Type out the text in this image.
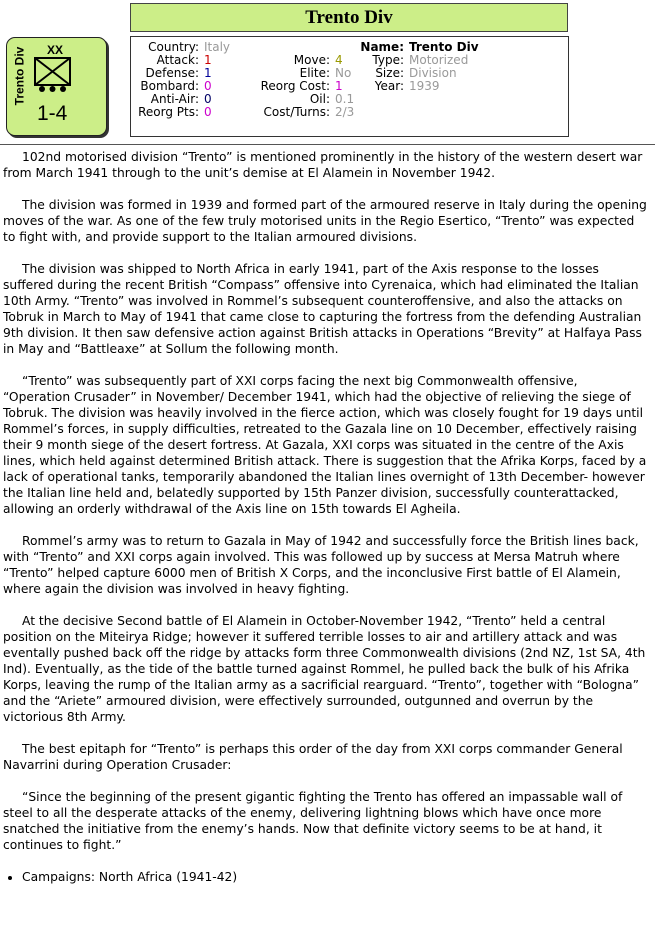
Trento Div
Trento Div XX
1-4
Country: Italy
Attack: 1
Defense: 1
Bombard: 0
Anti-Air: 0
Reorg Pts: 0
Move: 4
Elite: No
Reorg Cost: 1
Oil: 0.1
Cost/Turns: 2/3
Name: Trento Div
Type: Motorized
Size: Division
Year: 1939

102nd motorised division “Trento” is mentioned prominently in the history of the western desert war from March 1941 through to the unit’s demise at El Alamein in November 1942.

The division was formed in 1939 and formed part of the armoured reserve in Italy during the opening moves of the war. As one of the few truly motorised units in the Regio Esertico, “Trento” was expected to fight with, and provide support to the Italian armoured divisions.

The division was shipped to North Africa in early 1941, part of the Axis response to the losses suffered during the recent British “Compass” offensive into Cyrenaica, which had eliminated the Italian 10th Army. “Trento” was involved in Rommel’s subsequent counteroffensive, and also the attacks on Tobruk in March to May of 1941 that came close to capturing the fortress from the defending Australian 9th division. It then saw defensive action against British attacks in Operations “Brevity” at Halfaya Pass in May and “Battleaxe” at Sollum the following month.

“Trento” was subsequently part of XXI corps facing the next big Commonwealth offensive, “Operation Crusader” in November/ December 1941, which had the objective of relieving the siege of Tobruk. The division was heavily involved in the fierce action, which was closely fought for 19 days until Rommel’s forces, in supply difficulties, retreated to the Gazala line on 10 December, effectively raising their 9 month siege of the desert fortress. At Gazala, XXI corps was situated in the centre of the Axis lines, which held against determined British attack. There is suggestion that the Afrika Korps, faced by a lack of operational tanks, temporarily abandoned the Italian lines overnight of 13th December- however the Italian line held and, belatedly supported by 15th Panzer division, successfully counterattacked, allowing an orderly withdrawal of the Axis line on 15th towards El Agheila.

Rommel’s army was to return to Gazala in May of 1942 and successfully force the British lines back, with “Trento” and XXI corps again involved. This was followed up by success at Mersa Matruh where “Trento” helped capture 6000 men of British X Corps, and the inconclusive First battle of El Alamein, where again the division was involved in heavy fighting.

At the decisive Second battle of El Alamein in October-November 1942, “Trento” held a central position on the Miteirya Ridge; however it suffered terrible losses to air and artillery attack and was eventally pushed back off the ridge by attacks form three Commonwealth divisions (2nd NZ, 1st SA, 4th Ind). Eventually, as the tide of the battle turned against Rommel, he pulled back the bulk of his Afrika Korps, leaving the rump of the Italian army as a sacrificial rearguard. “Trento”, together with “Bologna” and the “Ariete” armoured division, were effectively surrounded, outgunned and overrun by the victorious 8th Army.

The best epitaph for “Trento” is perhaps this order of the day from XXI corps commander General Navarrini during Operation Crusader:

“Since the beginning of the present gigantic fighting the Trento has offered an impassable wall of steel to all the desperate attacks of the enemy, delivering lightning blows which have once more snatched the initiative from the enemy’s hands. Now that definite victory seems to be at hand, it continues to fight.”

• Campaigns: North Africa (1941-42)
